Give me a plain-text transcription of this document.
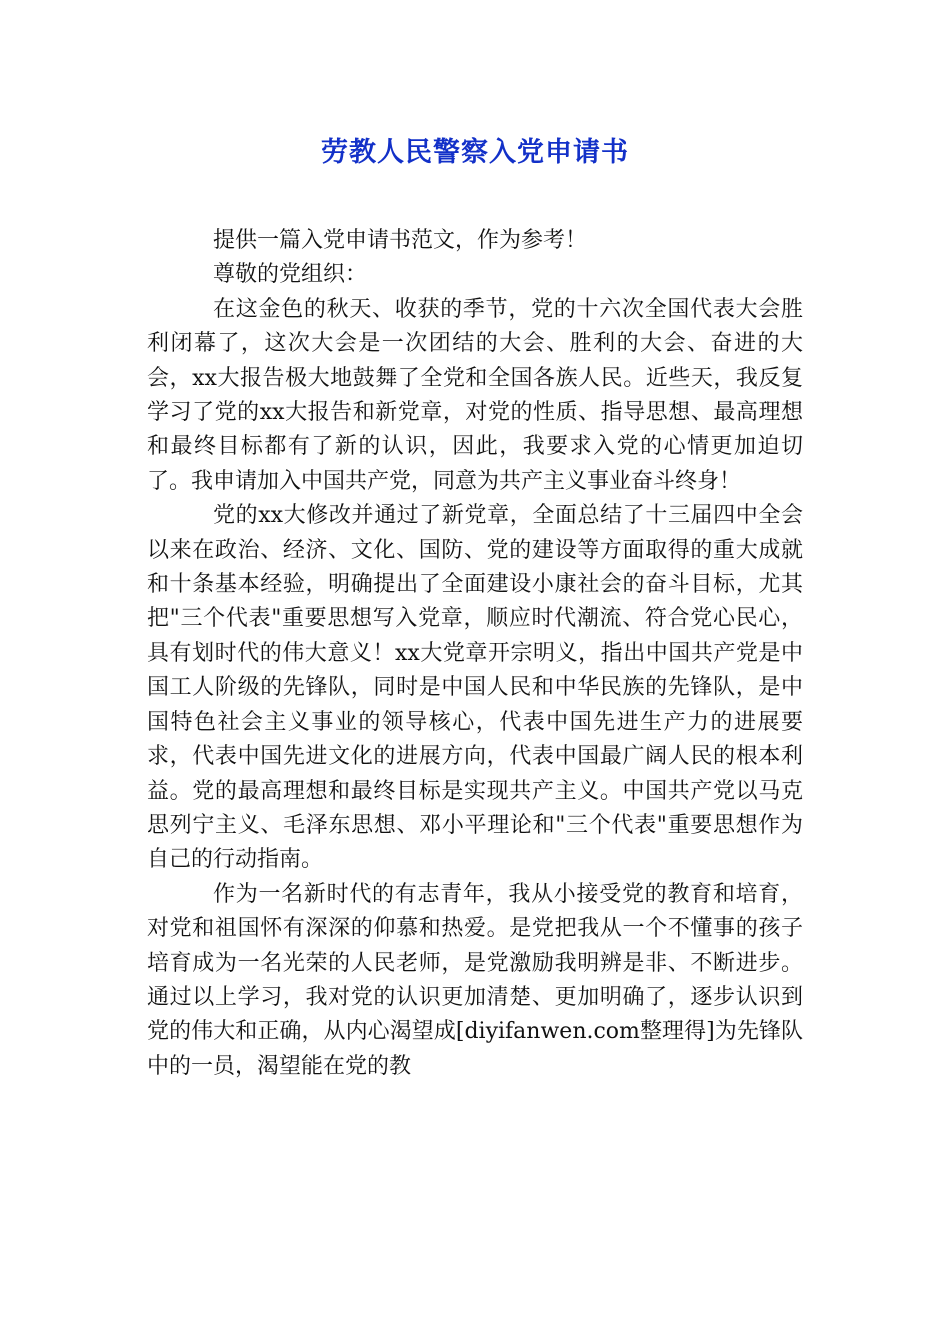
劳教人民警察入党申请书

提供一篇入党申请书范文，作为参考！

尊敬的党组织：

在这金色的秋天、收获的季节，党的十六次全国代表大会胜利闭幕了，这次大会是一次团结的大会、胜利的大会、奋进的大会，xx大报告极大地鼓舞了全党和全国各族人民。近些天，我反复学习了党的xx大报告和新党章，对党的性质、指导思想、最高理想和最终目标都有了新的认识，因此，我要求入党的心情更加迫切了。我申请加入中国共产党，同意为共产主义事业奋斗终身！

党的xx大修改并通过了新党章，全面总结了十三届四中全会以来在政治、经济、文化、国防、党的建设等方面取得的重大成就和十条基本经验，明确提出了全面建设小康社会的奋斗目标，尤其把"三个代表"重要思想写入党章，顺应时代潮流、符合党心民心，具有划时代的伟大意义！xx大党章开宗明义，指出中国共产党是中国工人阶级的先锋队，同时是中国人民和中华民族的先锋队，是中国特色社会主义事业的领导核心，代表中国先进生产力的进展要求，代表中国先进文化的进展方向，代表中国最广阔人民的根本利益。党的最高理想和最终目标是实现共产主义。中国共产党以马克思列宁主义、毛泽东思想、邓小平理论和"三个代表"重要思想作为自己的行动指南。

作为一名新时代的有志青年，我从小接受党的教育和培育，对党和祖国怀有深深的仰慕和热爱。是党把我从一个不懂事的孩子培育成为一名光荣的人民老师，是党激励我明辨是非、不断进步。通过以上学习，我对党的认识更加清楚、更加明确了，逐步认识到党的伟大和正确，从内心渴望成[diyifanwen.com整理得]为先锋队中的一员，渴望能在党的教
